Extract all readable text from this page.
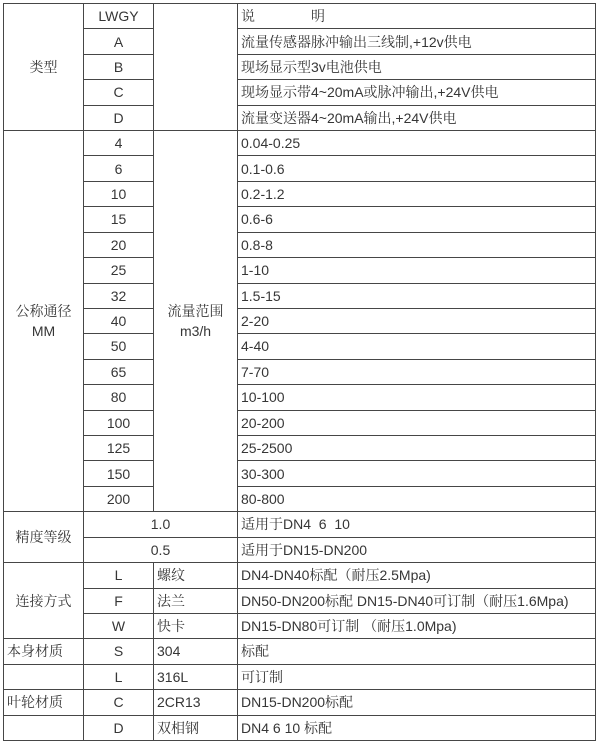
类型
LWGY	说　　　　明
A	流量传感器脉冲输出三线制,+12v供电
B	现场显示型3v电池供电
C	现场显示带4~20mA或脉冲输出,+24V供电
D	流量变送器4~20mA输出,+24V供电
公称通径
MM
流量范围
m3/h
4	0.04-0.25
6	0.1-0.6
10	0.2-1.2
15	0.6-6
20	0.8-8
25	1-10
32	1.5-15
40	2-20
50	4-40
65	7-70
80	10-100
100	20-200
125	25-2500
150	30-300
200	80-800
精度等级
1.0	适用于DN4  6  10
0.5	适用于DN15-DN200
连接方式
L	螺纹	DN4-DN40标配（耐压2.5Mpa)
F	法兰	DN50-DN200标配 DN15-DN40可订制（耐压1.6Mpa)
W	快卡	DN15-DN80可订制 （耐压1.0Mpa)
本身材质	S	304	标配
L	316L	可订制
叶轮材质	C	2CR13	DN15-DN200标配
D	双相钢	DN4 6 10 标配
